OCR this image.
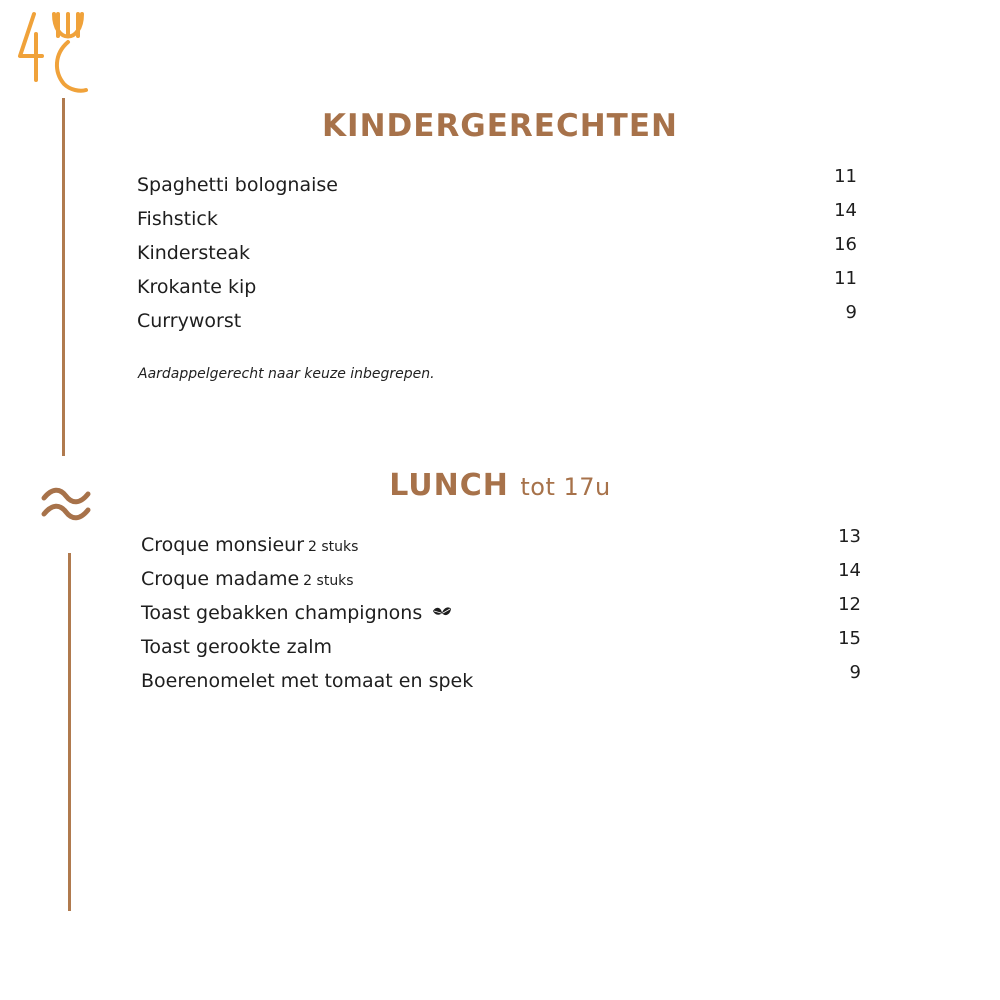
KINDERGERECHTEN
Spaghetti bolognaise	11
Fishstick	14
Kindersteak	16
Krokante kip	11
Curryworst	9
Aardappelgerecht naar keuze inbegrepen.
LUNCH tot 17u
Croque monsieur 2 stuks	13
Croque madame 2 stuks	14
Toast gebakken champignons	12
Toast gerookte zalm	15
Boerenomelet met tomaat en spek	9
